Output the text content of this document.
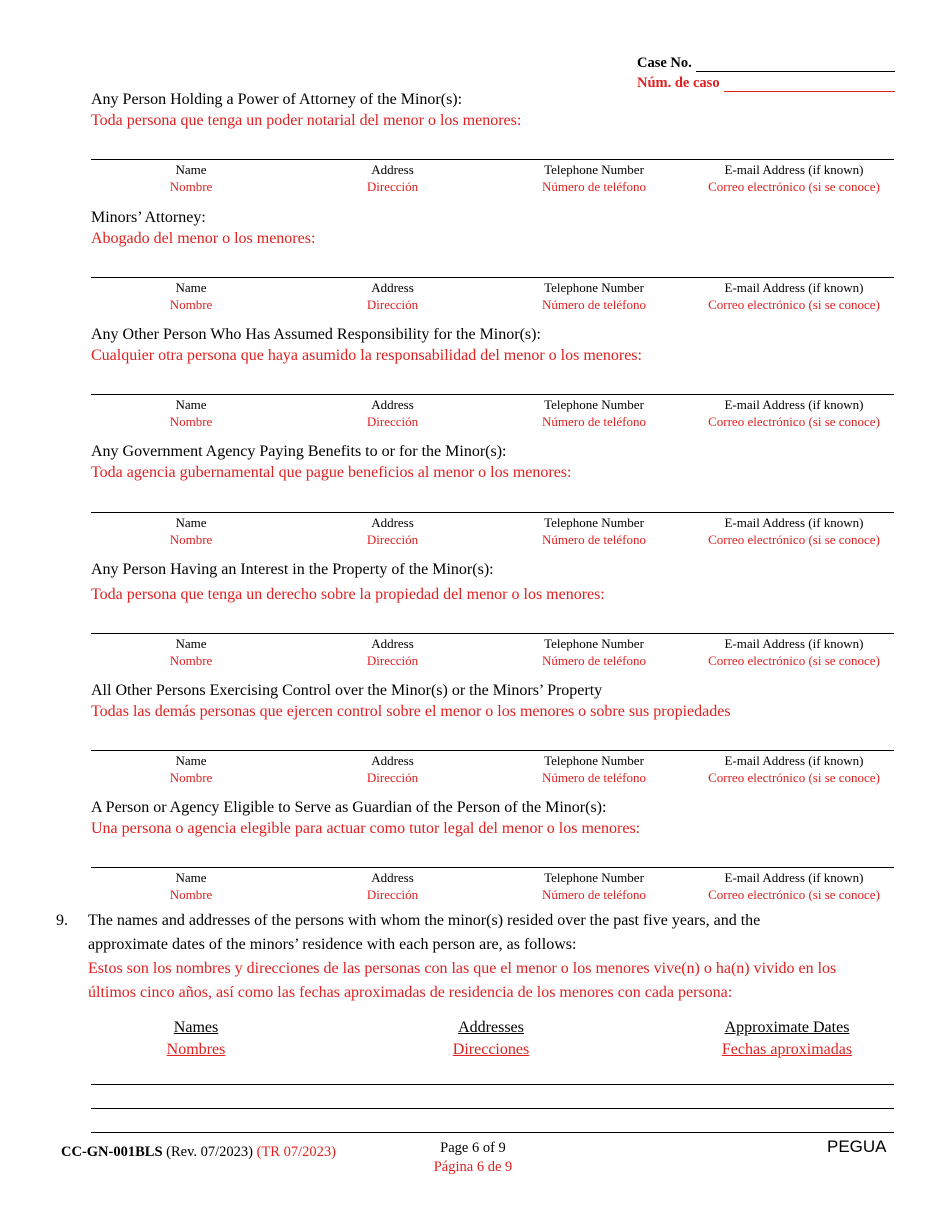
Case No.
Núm. de caso
Any Person Holding a Power of Attorney of the Minor(s):
Toda persona que tenga un poder notarial del menor o los menores:
Name
Nombre
Address
Dirección
Telephone Number
Número de teléfono
E-mail Address (if known)
Correo electrónico (si se conoce)
Minors’ Attorney:
Abogado del menor o los menores:
Name
Nombre
Address
Dirección
Telephone Number
Número de teléfono
E-mail Address (if known)
Correo electrónico (si se conoce)
Any Other Person Who Has Assumed Responsibility for the Minor(s):
Cualquier otra persona que haya asumido la responsabilidad del menor o los menores:
Name
Nombre
Address
Dirección
Telephone Number
Número de teléfono
E-mail Address (if known)
Correo electrónico (si se conoce)
Any Government Agency Paying Benefits to or for the Minor(s):
Toda agencia gubernamental que pague beneficios al menor o los menores:
Name
Nombre
Address
Dirección
Telephone Number
Número de teléfono
E-mail Address (if known)
Correo electrónico (si se conoce)
Any Person Having an Interest in the Property of the Minor(s):
Toda persona que tenga un derecho sobre la propiedad del menor o los menores:
Name
Nombre
Address
Dirección
Telephone Number
Número de teléfono
E-mail Address (if known)
Correo electrónico (si se conoce)
All Other Persons Exercising Control over the Minor(s) or the Minors’ Property
Todas las demás personas que ejercen control sobre el menor o los menores o sobre sus propiedades
Name
Nombre
Address
Dirección
Telephone Number
Número de teléfono
E-mail Address (if known)
Correo electrónico (si se conoce)
A Person or Agency Eligible to Serve as Guardian of the Person of the Minor(s):
Una persona o agencia elegible para actuar como tutor legal del menor o los menores:
Name
Nombre
Address
Dirección
Telephone Number
Número de teléfono
E-mail Address (if known)
Correo electrónico (si se conoce)
9. The names and addresses of the persons with whom the minor(s) resided over the past five years, and the
approximate dates of the minors’ residence with each person are, as follows:
Estos son los nombres y direcciones de las personas con las que el menor o los menores vive(n) o ha(n) vivido en los
últimos cinco años, así como las fechas aproximadas de residencia de los menores con cada persona:
Names
Nombres
Addresses
Direcciones
Approximate Dates
Fechas aproximadas
CC-GN-001BLS (Rev. 07/2023) (TR 07/2023)	Page 6 of 9
Página 6 de 9
PEGUA
